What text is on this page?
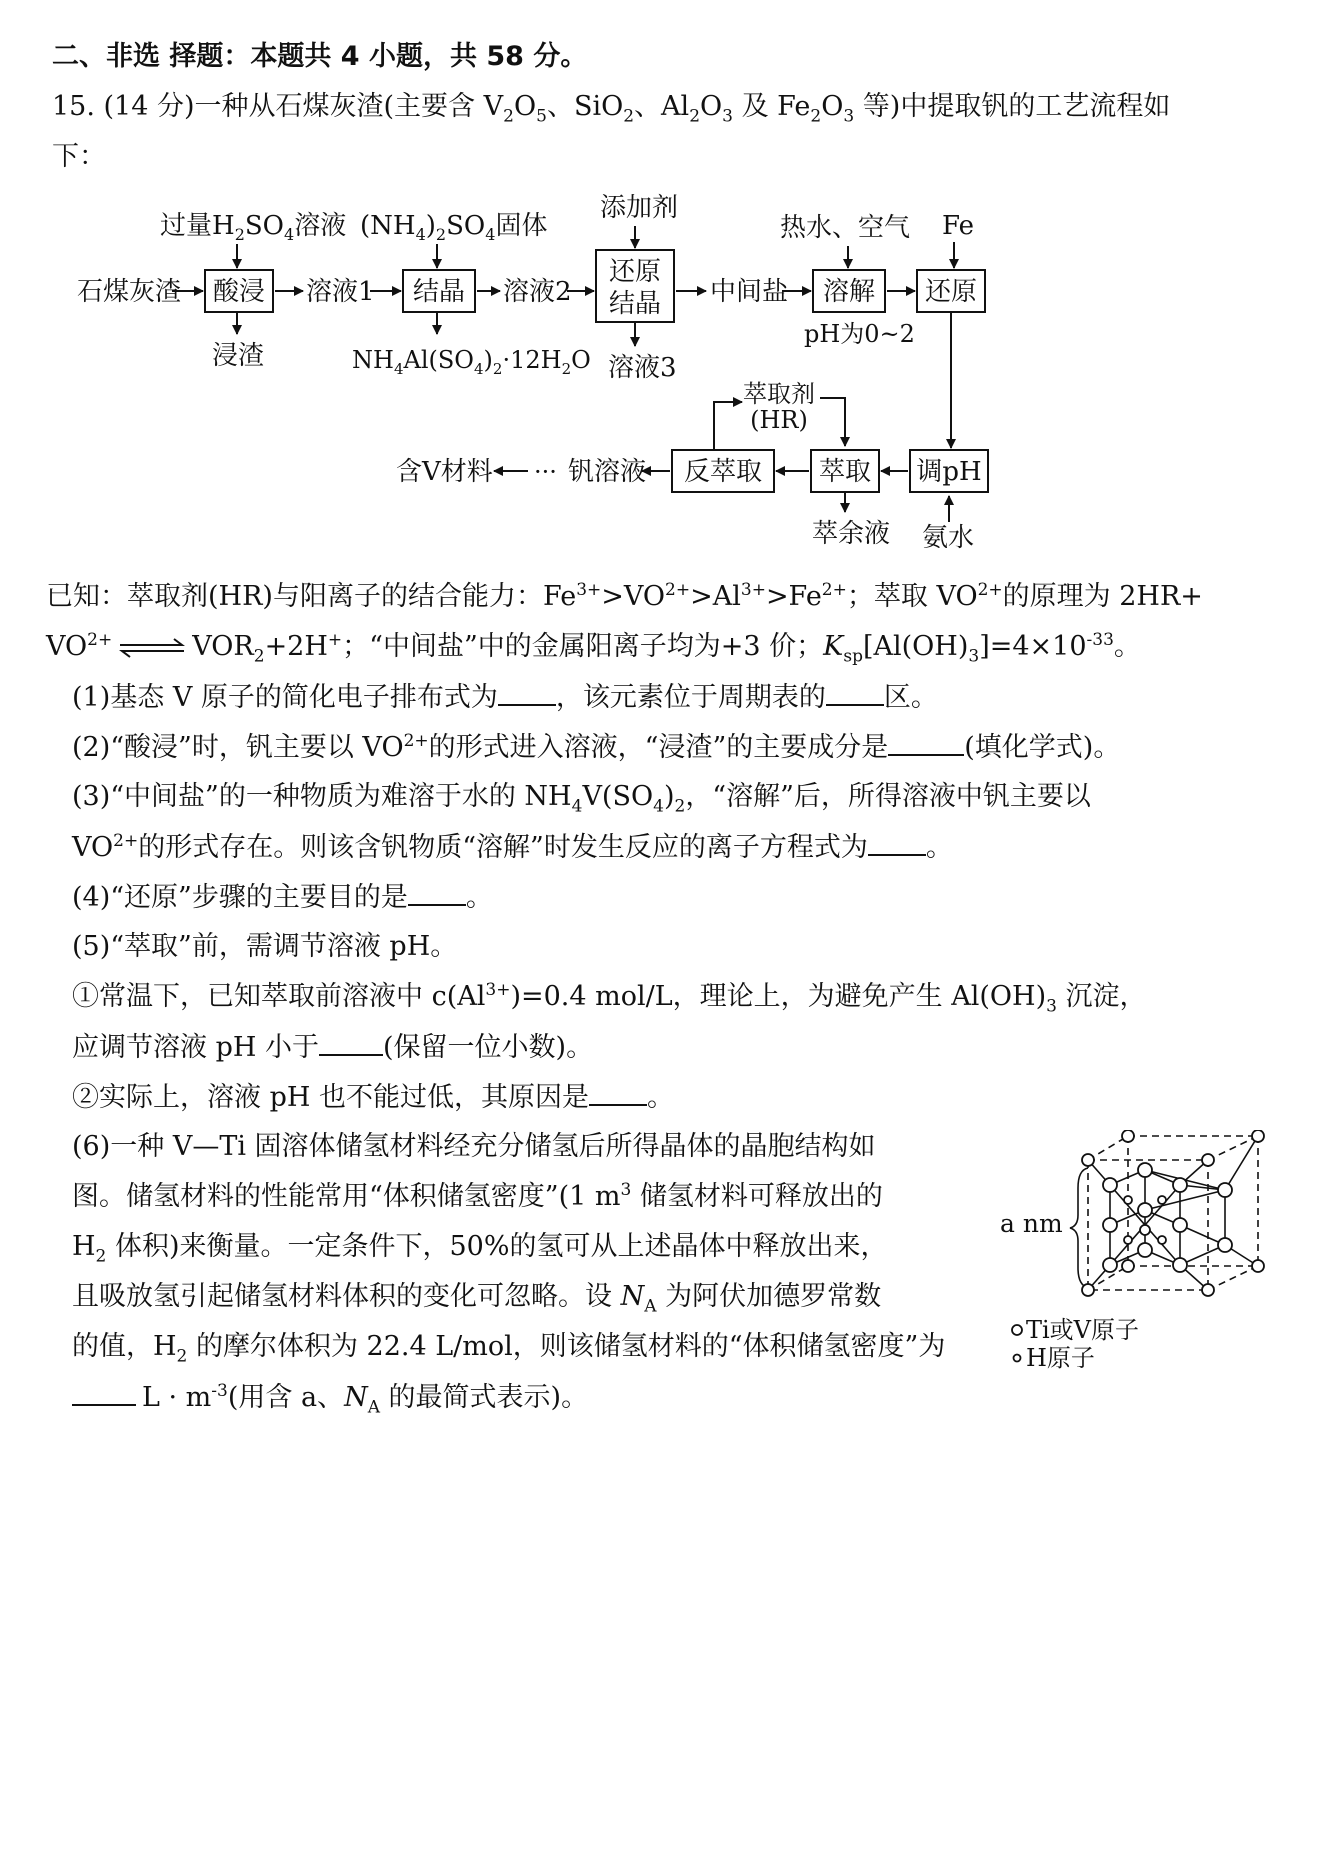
二、非选 择题：本题共 4 小题，共 58 分。
15. (14 分)一种从石煤灰渣(主要含 $V_2O_5$、SiO$_2$、$Al_2O_3$ 及 $Fe_2O_3$ 等)中提取钒的工艺流程如
下：
过量$H_2SO_4$溶液
石煤灰渣 酸浸
浸渣
溶液1
$(NH_4)_2SO_4$固体
结晶
$NH_4Al(SO_4)_2\cdot 12H_2O$
溶液2
添加剂
还原
结晶
溶液3
中间盐
热水、空气
溶解
pH为0~2
Fe
还原
调pH
氨水
萃取
萃余液
萃取剂
(HR)
反萃取
钒溶液
···
含V材料
已知：萃取剂(HR)与阳离子的结合能力：$Fe^{3+}>VO^{2+}>Al^{3+}>Fe^{2+}$；萃取 $VO^{2+}$的原理为 2HR+
$VO^{2+}$ ⇌ $VOR_2+2H^+$；“中间盐”中的金属阳离子均为+3 价；$K_{sp}[Al(OH)_3]=4\times 10^{-33}$。
(1)基态 V 原子的简化电子排布式为 ，该元素位于周期表的 区。
(2)“酸浸”时，钒主要以 $VO^{2+}$的形式进入溶液，“浸渣”的主要成分是	(填化学式)。
(3)“中间盐”的一种物质为难溶于水的 $NH_4V(SO_4)_2$，“溶解”后，所得溶液中钒主要以
$VO^{2+}$的形式存在。则该含钒物质“溶解”时发生反应的离子方程式为 。
(4)“还原”步骤的主要目的是 。
(5)“萃取”前，需调节溶液 pH。
①常温下，已知萃取前溶液中 $c(Al^{3+})=0.4$ mol/L，理论上，为避免产生 $Al(OH)_3$ 沉淀，
应调节溶液 pH 小于 (保留一位小数)。
②实际上，溶液 pH 也不能过低，其原因是 。
(6)一种 V—Ti 固溶体储氢材料经充分储氢后所得晶体的晶胞结构如
图。储氢材料的性能常用“体积储氢密度”(1 $m^3$ 储氢材料可释放出的
$H_2$ 体积)来衡量。一定条件下，50%的氢可从上述晶体中释放出来，
且吸放氢引起储氢材料体积的变化可忽略。设 $N_A$ 为阿伏加德罗常数
的值，$H_2$ 的摩尔体积为 22.4 L/mol，则该储氢材料的“体积储氢密度”为
$L \cdot m^{-3}$(用含 a、$N_A$ 的最简式表示)。
a nm
Ti或V原子
H原子
